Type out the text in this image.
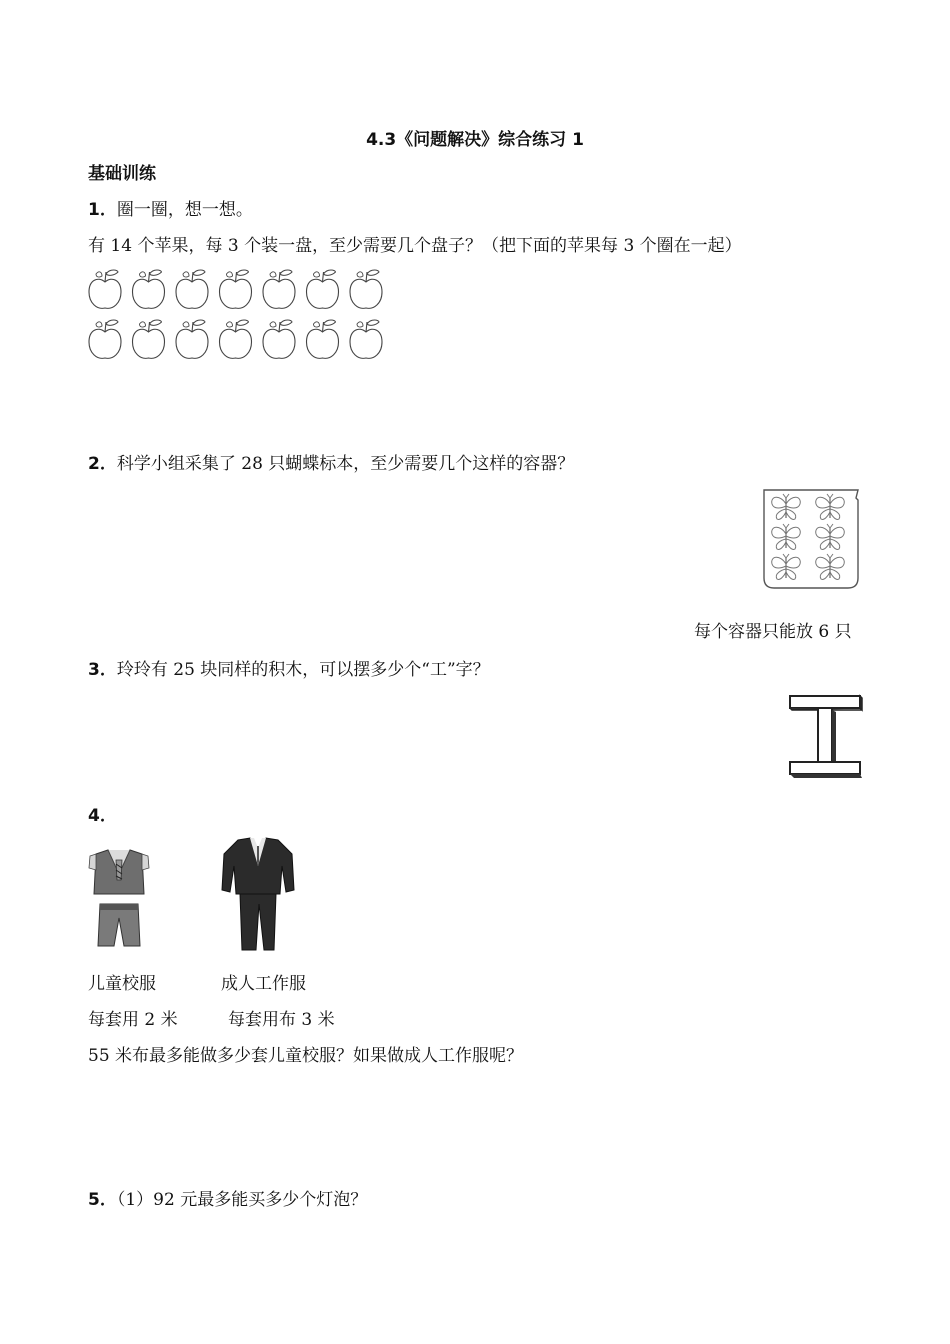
4.3《问题解决》综合练习 1
基础训练
1．圈一圈，想一想。
有 14 个苹果，每 3 个装一盘，至少需要几个盘子？（把下面的苹果每 3 个圈在一起）
2．科学小组采集了 28 只蝴蝶标本，至少需要几个这样的容器？
每个容器只能放 6 只
3．玲玲有 25 块同样的积木，可以摆多少个“工”字？
4．
儿童校服	成人工作服
每套用 2 米	每套用布 3 米
55 米布最多能做多少套儿童校服？如果做成人工作服呢？
5．（1）92 元最多能买多少个灯泡？
